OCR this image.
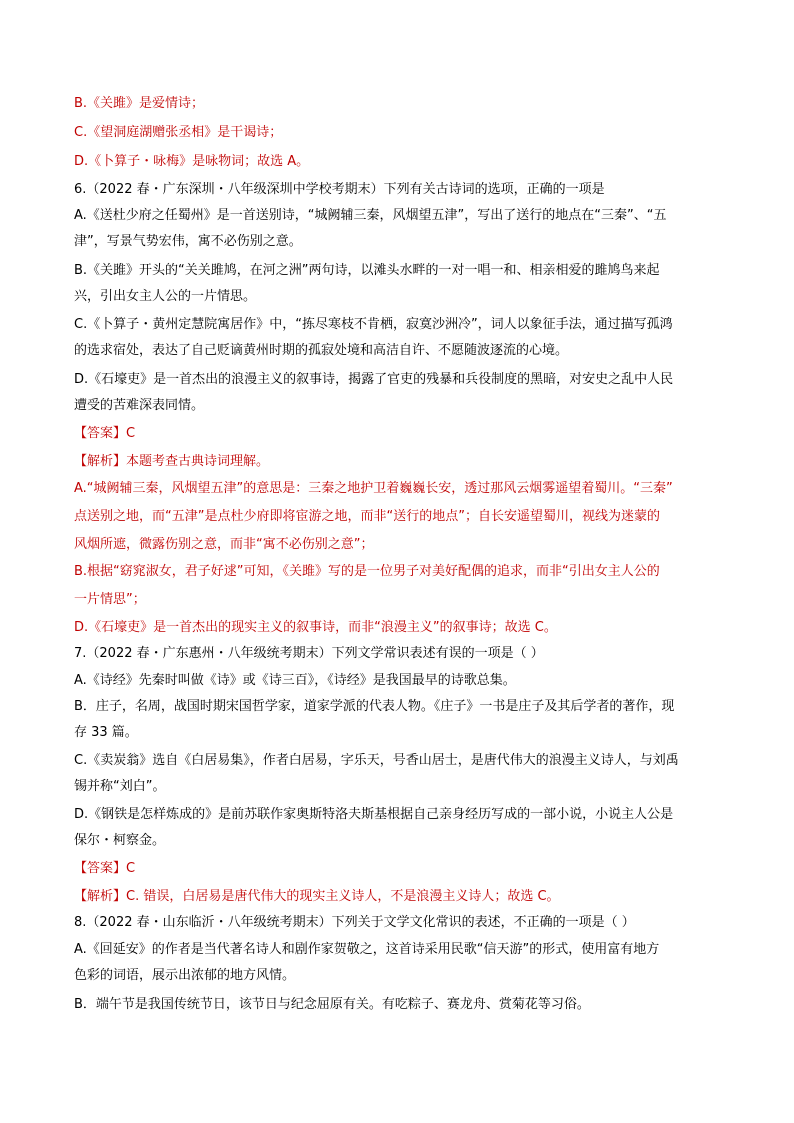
B.《关雎》是爱情诗；
C.《望洞庭湖赠张丞相》是干谒诗；
D.《卜算子・咏梅》是咏物词；故选 A。
6.（2022 春・广东深圳・八年级深圳中学校考期末）下列有关古诗词的选项，正确的一项是
A.《送杜少府之任蜀州》是一首送别诗，“城阙辅三秦，风烟望五津”，写出了送行的地点在“三秦”、“五
津”，写景气势宏伟，寓不必伤别之意。
B.《关雎》开头的“关关雎鸠，在河之洲”两句诗，以滩头水畔的一对一唱一和、相亲相爱的雎鸠鸟来起
兴，引出女主人公的一片情思。
C.《卜算子・黄州定慧院寓居作》中，“拣尽寒枝不肯栖，寂寞沙洲冷”，词人以象征手法，通过描写孤鸿
的选求宿处，表达了自己贬谪黄州时期的孤寂处境和高洁自许、不愿随波逐流的心境。
D.《石壕吏》是一首杰出的浪漫主义的叙事诗，揭露了官吏的残暴和兵役制度的黑暗，对安史之乱中人民
遭受的苦难深表同情。
【答案】C
【解析】本题考查古典诗词理解。
A.“城阙辅三秦，风烟望五津”的意思是：三秦之地护卫着巍巍长安，透过那风云烟雾遥望着蜀川。“三秦”
点送别之地，而“五津”是点杜少府即将宦游之地，而非“送行的地点”；自长安遥望蜀川，视线为迷蒙的
风烟所遮，微露伤别之意，而非“寓不必伤别之意”；
B.根据“窈窕淑女，君子好逑”可知，《关雎》写的是一位男子对美好配偶的追求，而非“引出女主人公的
一片情思”；
D.《石壕吏》是一首杰出的现实主义的叙事诗，而非“浪漫主义”的叙事诗；故选 C。
7.（2022 春・广东惠州・八年级统考期末）下列文学常识表述有误的一项是（ ）
A.《诗经》先秦时叫做《诗》或《诗三百》，《诗经》是我国最早的诗歌总集。
B．庄子，名周，战国时期宋国哲学家，道家学派的代表人物。《庄子》一书是庄子及其后学者的著作，现
存 33 篇。
C.《卖炭翁》选自《白居易集》，作者白居易，字乐天，号香山居士，是唐代伟大的浪漫主义诗人，与刘禹
锡并称“刘白”。
D.《钢铁是怎样炼成的》是前苏联作家奥斯特洛夫斯基根据自己亲身经历写成的一部小说，小说主人公是
保尔・柯察金。
【答案】C
【解析】C. 错误，白居易是唐代伟大的现实主义诗人，不是浪漫主义诗人；故选 C。
8.（2022 春・山东临沂・八年级统考期末）下列关于文学文化常识的表述，不正确的一项是（ ）
A.《回延安》的作者是当代著名诗人和剧作家贺敬之，这首诗采用民歌“信天游”的形式，使用富有地方
色彩的词语，展示出浓郁的地方风情。
B．端午节是我国传统节日，该节日与纪念屈原有关。有吃粽子、赛龙舟、赏菊花等习俗。
